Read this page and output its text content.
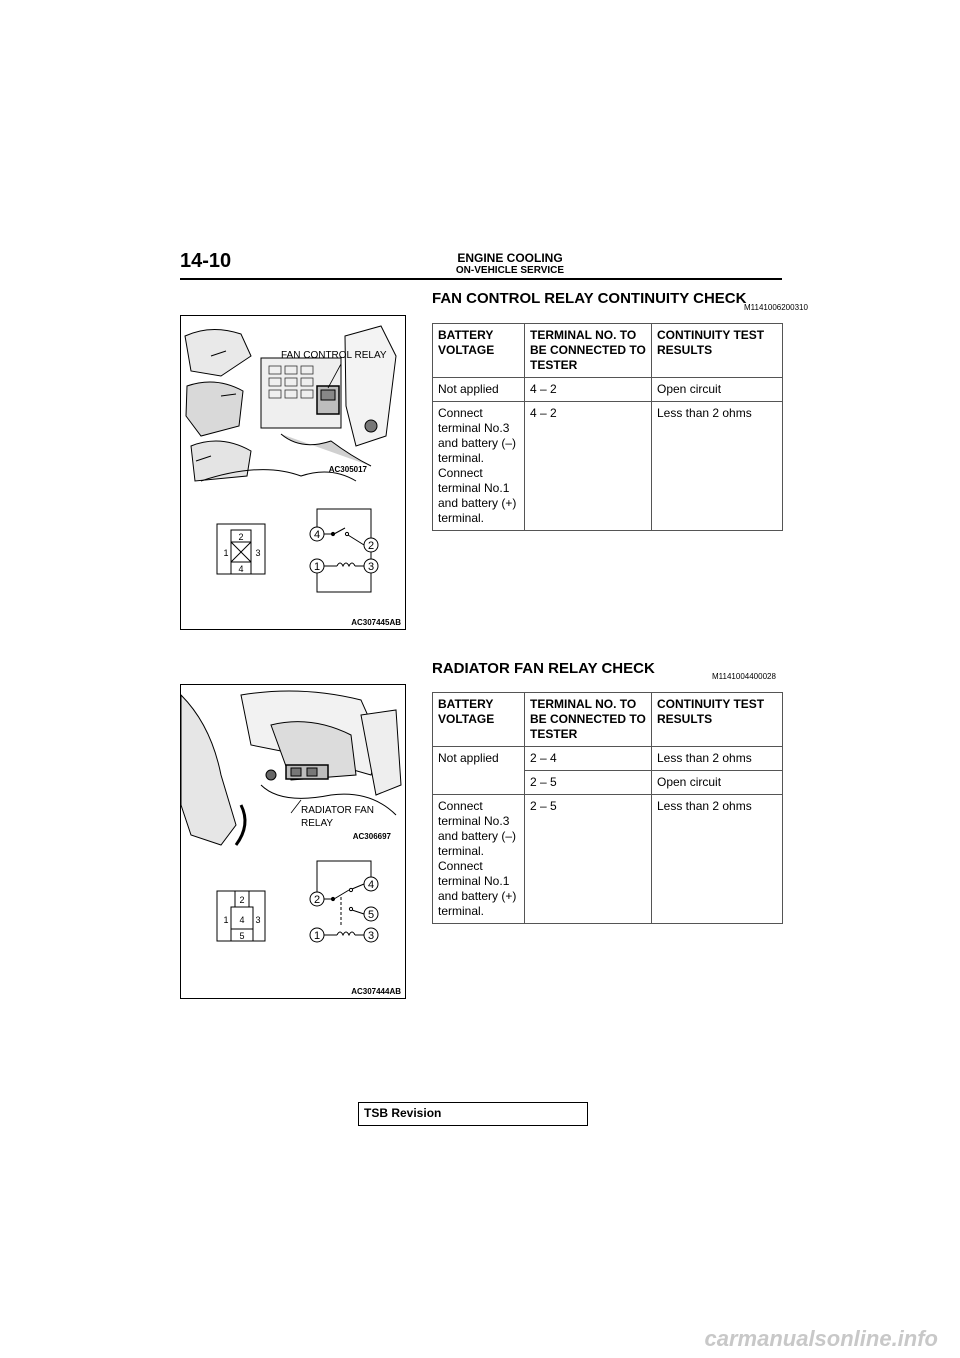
14-10	ENGINE COOLING
ON-VEHICLE SERVICE
FAN CONTROL RELAY CONTINUITY CHECK
M1141006200310
FAN CONTROL RELAY
AC305017
2
1	3
4
4
2
1	3
AC307445AB
BATTERY VOLTAGE	TERMINAL NO. TO BE CONNECTED TO TESTER	CONTINUITY TEST RESULTS
Not applied	4 – 2	Open circuit
Connect terminal No.3 and battery (–) terminal. Connect terminal No.1 and battery (+) terminal.	4 – 2	Less than 2 ohms
RADIATOR FAN RELAY CHECK	M1141004400028
RADIATOR FAN
RELAY
AC306697
2
1 4 3
5
2
4
5
1	3
AC307444AB
BATTERY VOLTAGE	TERMINAL NO. TO BE CONNECTED TO TESTER	CONTINUITY TEST RESULTS
Not applied	2 – 4	Less than 2 ohms
	2 – 5	Open circuit
Connect terminal No.3 and battery (–) terminal. Connect terminal No.1 and battery (+) terminal.	2 – 5	Less than 2 ohms
TSB Revision
carmanualsonline.info
